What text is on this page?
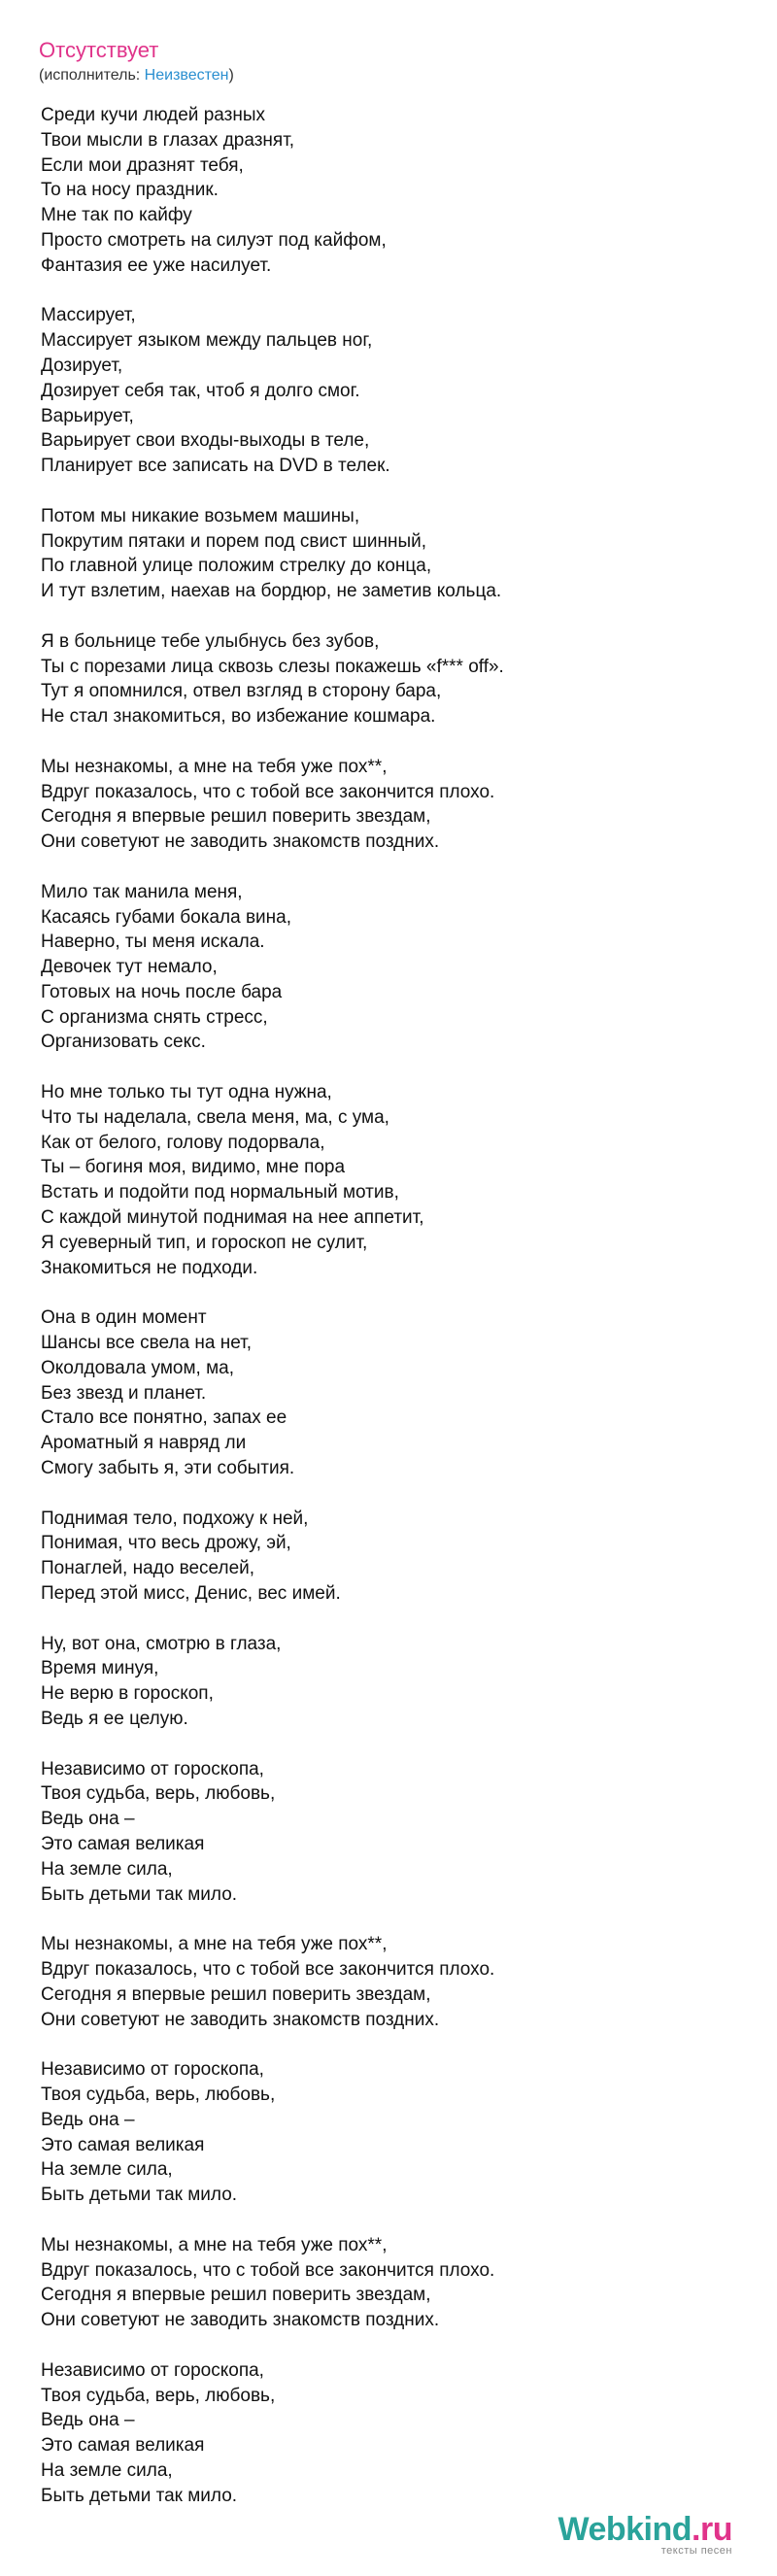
Отсутствует
(исполнитель: Неизвестен)
Среди кучи людей разных
Твои мысли в глазах дразнят,
Если мои дразнят тебя,
То на носу праздник.
Мне так по кайфу
Просто смотреть на силуэт под кайфом,
Фантазия ее уже насилует.
Массирует,
Массирует языком между пальцев ног,
Дозирует,
Дозирует себя так, чтоб я долго смог.
Варьирует,
Варьирует свои входы-выходы в теле,
Планирует все записать на DVD в телек.
Потом мы никакие возьмем машины,
Покрутим пятаки и порем под свист шинный,
По главной улице положим стрелку до конца,
И тут взлетим, наехав на бордюр, не заметив кольца.
Я в больнице тебе улыбнусь без зубов,
Ты с порезами лица сквозь слезы покажешь «f*** off».
Тут я опомнился, отвел взгляд в сторону бара,
Не стал знакомиться, во избежание кошмара.
Мы незнакомы, а мне на тебя уже пох**,
Вдруг показалось, что с тобой все закончится плохо.
Сегодня я впервые решил поверить звездам,
Они советуют не заводить знакомств поздних.
Мило так манила меня,
Касаясь губами бокала вина,
Наверно, ты меня искала.
Девочек тут немало,
Готовых на ночь после бара
С организма снять стресс,
Организовать секс.
Но мне только ты тут одна нужна,
Что ты наделала, свела меня, ма, с ума,
Как от белого, голову подорвала,
Ты – богиня моя, видимо, мне пора
Встать и подойти под нормальный мотив,
С каждой минутой поднимая на нее аппетит,
Я суеверный тип, и гороскоп не сулит,
Знакомиться не подходи.
Она в один момент
Шансы все свела на нет,
Околдовала умом, ма,
Без звезд и планет.
Стало все понятно, запах ее
Ароматный я навряд ли
Смогу забыть я, эти события.
Поднимая тело, подхожу к ней,
Понимая, что весь дрожу, эй,
Понаглей, надо веселей,
Перед этой мисс, Денис, вес имей.
Ну, вот она, смотрю в глаза,
Время минуя,
Не верю в гороскоп,
Ведь я ее целую.
Независимо от гороскопа,
Твоя судьба, верь, любовь,
Ведь она –
Это самая великая
На земле сила,
Быть детьми так мило.
Мы незнакомы, а мне на тебя уже пох**,
Вдруг показалось, что с тобой все закончится плохо.
Сегодня я впервые решил поверить звездам,
Они советуют не заводить знакомств поздних.
Независимо от гороскопа,
Твоя судьба, верь, любовь,
Ведь она –
Это самая великая
На земле сила,
Быть детьми так мило.
Мы незнакомы, а мне на тебя уже пох**,
Вдруг показалось, что с тобой все закончится плохо.
Сегодня я впервые решил поверить звездам,
Они советуют не заводить знакомств поздних.
Независимо от гороскопа,
Твоя судьба, верь, любовь,
Ведь она –
Это самая великая
На земле сила,
Быть детьми так мило.
Webkind.ru
тексты песен
